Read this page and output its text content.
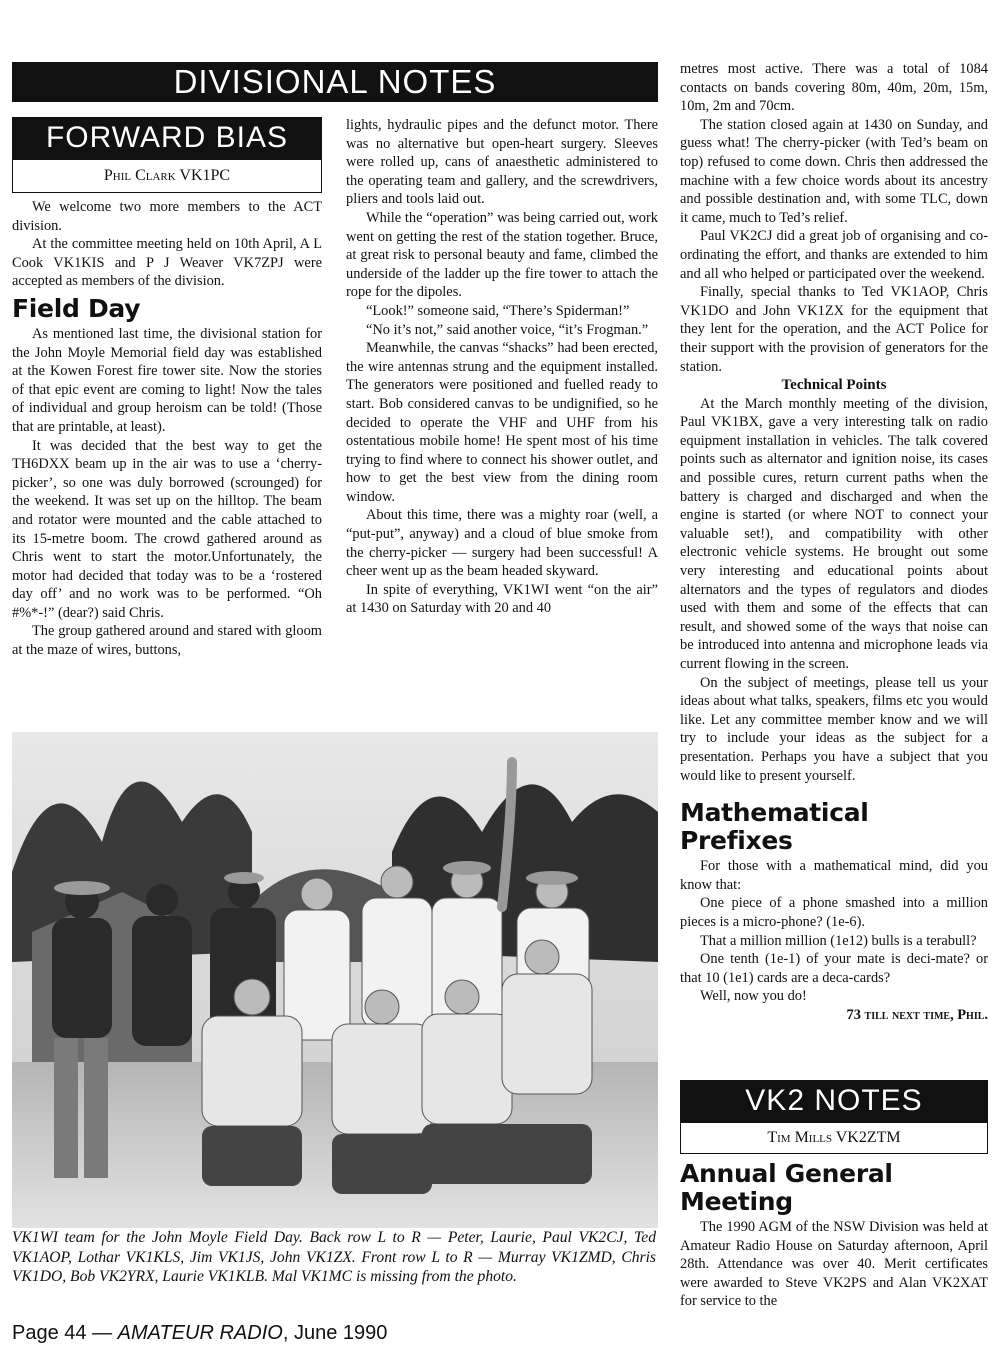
DIVISIONAL NOTES
FORWARD BIAS
Phil Clark VK1PC

We welcome two more members to the ACT division.

At the committee meeting held on 10th April, A L Cook VK1KIS and P J Weaver VK7ZPJ were accepted as members of the division.

Field Day

As mentioned last time, the divisional station for the John Moyle Memorial field day was established at the Kowen Forest fire tower site. Now the stories of that epic event are coming to light! Now the tales of individual and group heroism can be told! (Those that are printable, at least).

It was decided that the best way to get the TH6DXX beam up in the air was to use a ‘cherry-picker’, so one was duly borrowed (scrounged) for the weekend. It was set up on the hilltop. The beam and rotator were mounted and the cable attached to its 15-metre boom. The crowd gathered around as Chris went to start the motor.Unfortunately, the motor had decided that today was to be a ‘rostered day off’ and no work was to be performed. “Oh #%*-!” (dear?) said Chris.

The group gathered around and stared with gloom at the maze of wires, buttons,

lights, hydraulic pipes and the defunct motor. There was no alternative but open-heart surgery. Sleeves were rolled up, cans of anaesthetic administered to the operating team and gallery, and the screwdrivers, pliers and tools laid out.

While the “operation” was being carried out, work went on getting the rest of the station together. Bruce, at great risk to personal beauty and fame, climbed the underside of the ladder up the fire tower to attach the rope for the dipoles.

“Look!” someone said, “There’s Spiderman!”

“No it’s not,” said another voice, “it’s Frogman.”

Meanwhile, the canvas “shacks” had been erected, the wire antennas strung and the equipment installed. The generators were positioned and fuelled ready to start. Bob considered canvas to be undignified, so he decided to operate the VHF and UHF from his ostentatious mobile home! He spent most of his time trying to find where to connect his shower outlet, and how to get the best view from the dining room window.

About this time, there was a mighty roar (well, a “put-put”, anyway) and a cloud of blue smoke from the cherry-picker — surgery had been successful! A cheer went up as the beam headed skyward.

In spite of everything, VK1WI went “on the air” at 1430 on Saturday with 20 and 40

metres most active. There was a total of 1084 contacts on bands covering 80m, 40m, 20m, 15m, 10m, 2m and 70cm.

The station closed again at 1430 on Sunday, and guess what! The cherry-picker (with Ted’s beam on top) refused to come down. Chris then addressed the machine with a few choice words about its ancestry and possible destination and, with some TLC, down it came, much to Ted’s relief.

Paul VK2CJ did a great job of organising and co-ordinating the effort, and thanks are extended to him and all who helped or participated over the weekend.

Finally, special thanks to Ted VK1AOP, Chris VK1DO and John VK1ZX for the equipment that they lent for the operation, and the ACT Police for their support with the provision of generators for the station.

Technical Points

At the March monthly meeting of the division, Paul VK1BX, gave a very interesting talk on radio equipment installation in vehicles. The talk covered points such as alternator and ignition noise, its cases and possible cures, return current paths when the battery is charged and discharged and when the engine is started (or where NOT to connect your valuable set!), and compatibility with other electronic vehicle systems. He brought out some very interesting and educational points about alternators and the types of regulators and diodes used with them and some of the effects that can result, and showed some of the ways that noise can be introduced into antenna and microphone leads via current flowing in the screen.

On the subject of meetings, please tell us your ideas about what talks, speakers, films etc you would like. Let any committee member know and we will try to include your ideas as the subject for a presentation. Perhaps you have a subject that you would like to present yourself.

Mathematical Prefixes

For those with a mathematical mind, did you know that:

One piece of a phone smashed into a million pieces is a micro-phone? (1e-6).

That a million million (1e12) bulls is a terabull?

One tenth (1e-1) of your mate is deci-mate? or that 10 (1e1) cards are a deca-cards?

Well, now you do!

73 till next time, Phil.

VK2 NOTES
Tim Mills VK2ZTM
Annual General Meeting

The 1990 AGM of the NSW Division was held at Amateur Radio House on Saturday afternoon, April 28th. Attendance was over 40. Merit certificates were awarded to Steve VK2PS and Alan VK2XAT for service to the

VK1WI team for the John Moyle Field Day. Back row L to R — Peter, Laurie, Paul VK2CJ, Ted VK1AOP, Lothar VK1KLS, Jim VK1JS, John VK1ZX. Front row L to R — Murray VK1ZMD, Chris VK1DO, Bob VK2YRX, Laurie VK1KLB. Mal VK1MC is missing from the photo.
Page 44 — AMATEUR RADIO, June 1990
